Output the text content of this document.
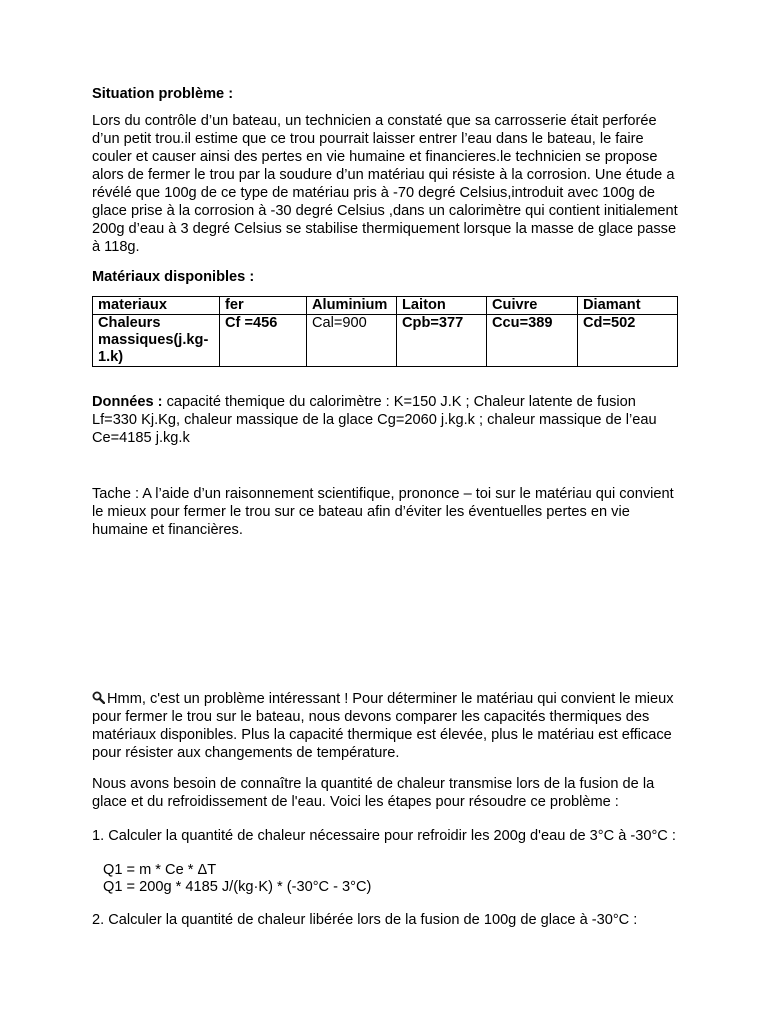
Situation problème :

Lors du contrôle d’un bateau, un technicien a constaté que sa carrosserie était perforée d’un petit trou.il estime que ce trou pourrait laisser entrer l’eau dans le bateau, le faire couler et causer ainsi des pertes en vie humaine et financieres.le technicien se propose alors de fermer le trou par la soudure d’un matériau qui résiste à la corrosion. Une étude a révélé que 100g de ce type de matériau pris à -70 degré Celsius,introduit avec 100g de glace prise à la corrosion à -30 degré Celsius ,dans un calorimètre qui contient initialement 200g d’eau à 3 degré Celsius se stabilise thermiquement lorsque la masse de glace passe à 118g.

Matériaux disponibles :

materiaux	fer	Aluminium	Laiton	Cuivre	Diamant
Chaleurs massiques(j.kg-1.k)	Cf =456	Cal=900	Cpb=377	Ccu=389	Cd=502

Données : capacité themique du calorimètre : K=150 J.K ; Chaleur latente de fusion Lf=330 Kj.Kg, chaleur massique de la glace Cg=2060 j.kg.k ; chaleur massique de l’eau Ce=4185 j.kg.k

Tache : A l’aide d’un raisonnement scientifique, prononce – toi sur le matériau qui convient le mieux pour fermer le trou sur ce bateau afin d’éviter les éventuelles pertes en vie humaine et financières.

Hmm, c'est un problème intéressant ! Pour déterminer le matériau qui convient le mieux pour fermer le trou sur le bateau, nous devons comparer les capacités thermiques des matériaux disponibles. Plus la capacité thermique est élevée, plus le matériau est efficace pour résister aux changements de température.

Nous avons besoin de connaître la quantité de chaleur transmise lors de la fusion de la glace et du refroidissement de l'eau. Voici les étapes pour résoudre ce problème :

1. Calculer la quantité de chaleur nécessaire pour refroidir les 200g d'eau de 3°C à -30°C :

Q1 = m * Ce * ΔT

Q1 = 200g * 4185 J/(kg·K) * (-30°C - 3°C)

2. Calculer la quantité de chaleur libérée lors de la fusion de 100g de glace à -30°C :
